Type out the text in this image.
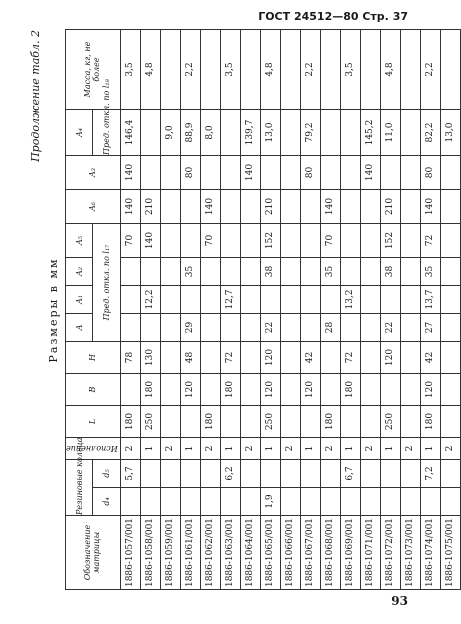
ГОСТ 24512—80 Стр. 37
Продолжение табл. 2
Размеры в мм
Обозначение матрицы	Резиновые кольца		Исполнение	L	B	H	A	A₁	A₂	A₅	A₆	A₃	A₄	Масса, кг, не более
	d₄	d₅					Пред. откл. по l₁₇						Пред. откл. по l₁₈	
1886-1057/001		5,7	2	180		78				70	140	140	146,4	3,5
1886-1058/001			1	250	180	130		12,2		140	210			4,8
1886-1059/001			2										9,0	
1886-1061/001			1		120	48	29		35			80	88,9	2,2
1886-1062/001			2	180						70	140		8,0	
1886-1063/001		6,2	1		180	72		12,7						3,5
1886-1064/001			2									140	139,7	
1886-1065/001	1,9		1	250	120	120	22		38	152	210		13,0	4,8
1886-1066/001			2											
1886-1067/001			1		120	42						80	79,2	2,2
1886-1068/001			2	180			28		35	70	140			
1886-1069/001		6,7	1		180	72		13,2						3,5
1886-1071/001			2									140	145,2	
1886-1072/001			1	250		120	22		38	152	210		11,0	4,8
1886-1073/001			2											
1886-1074/001		7,2	1	180	120	42	27	13,7	35	72	140	80	82,2	2,2
1886-1075/001			2										13,0	
93
